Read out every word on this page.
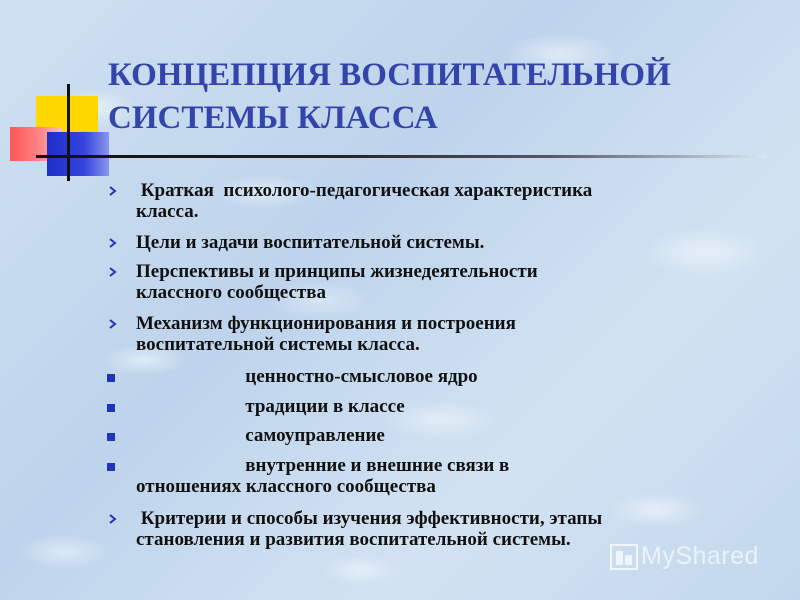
КОНЦЕПЦИЯ ВОСПИТАТЕЛЬНОЙ СИСТЕМЫ КЛАССА
Краткая  психолого-педагогическая характеристика
класса.
Цели и задачи воспитательной системы.
Перспективы и принципы жизнедеятельности
классного сообщества
Механизм функционирования и построения
воспитательной системы класса.
ценностно-смысловое ядро
традиции в классе
самоуправление
внутренние и внешние связи в
отношениях классного сообщества
Критерии и способы изучения эффективности, этапы
становления и развития воспитательной системы.
MyShared
